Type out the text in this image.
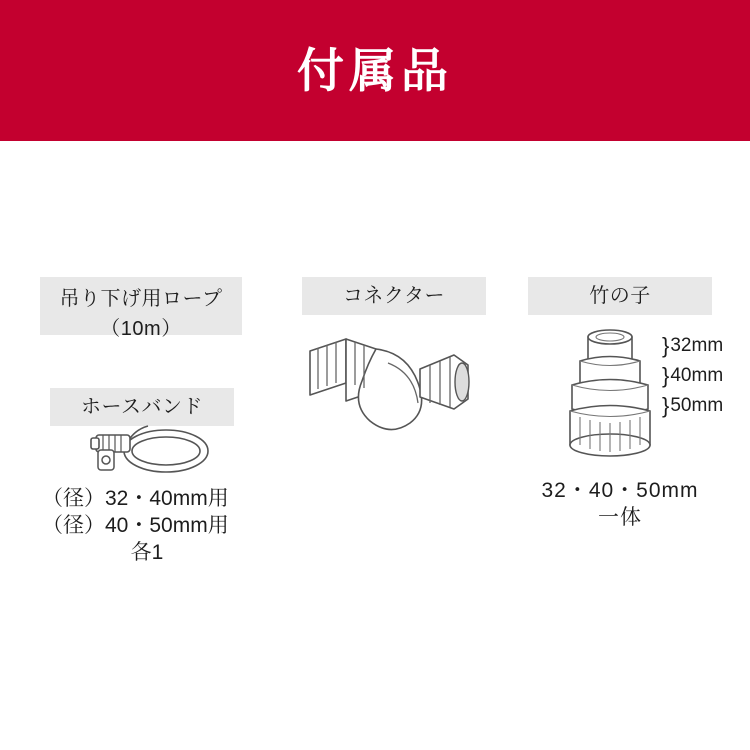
付属品
吊り下げ用ロープ
（10m）
ホースバンド
（径）32・40mm用
（径）40・50mm用
各1
コネクター	竹の子
} 32mm
} 40mm
} 50mm
32・40・50mm
一体
